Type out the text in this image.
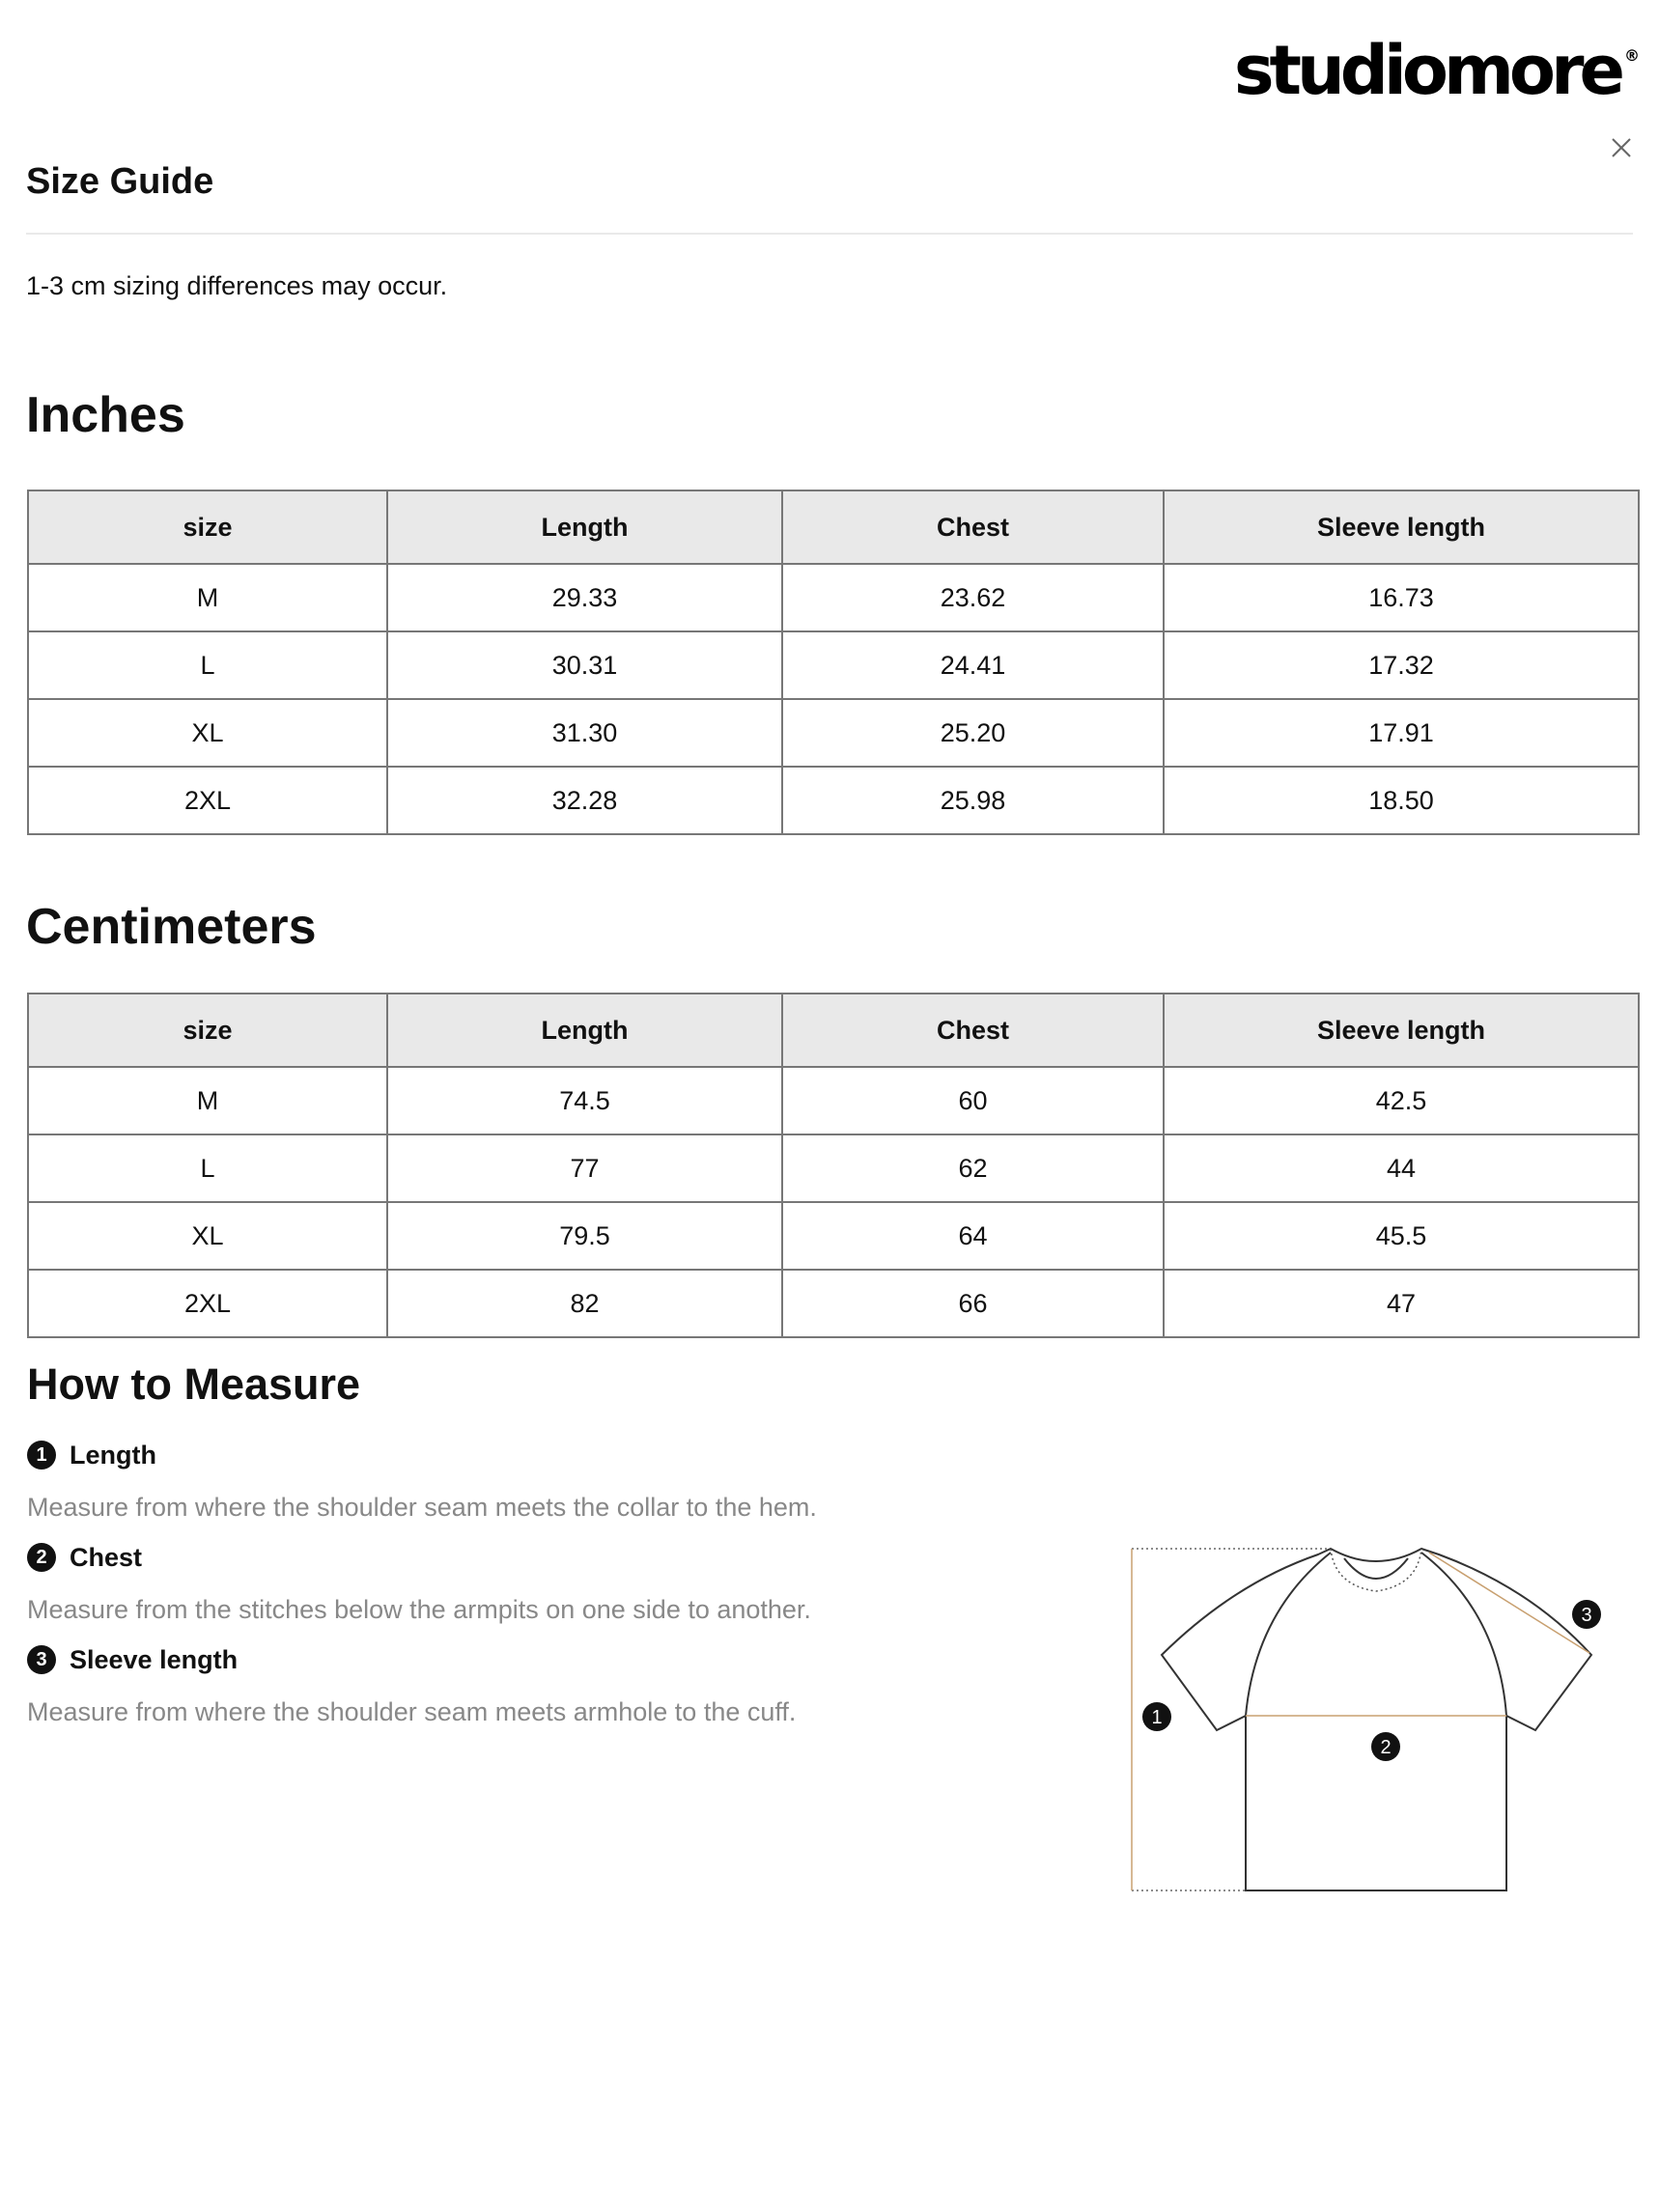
studiomore ®
Size Guide
1-3 cm sizing differences may occur.
Inches
size	Length	Chest	Sleeve length
M	29.33	23.62	16.73
L	30.31	24.41	17.32
XL	31.30	25.20	17.91
2XL	32.28	25.98	18.50
Centimeters
size	Length	Chest	Sleeve length
M	74.5	60	42.5
L	77	62	44
XL	79.5	64	45.5
2XL	82	66	47
How to Measure
1 Length
Measure from where the shoulder seam meets the collar to the hem.
2 Chest
Measure from the stitches below the armpits on one side to another.
3 Sleeve length
Measure from where the shoulder seam meets armhole to the cuff.	1
2
3
